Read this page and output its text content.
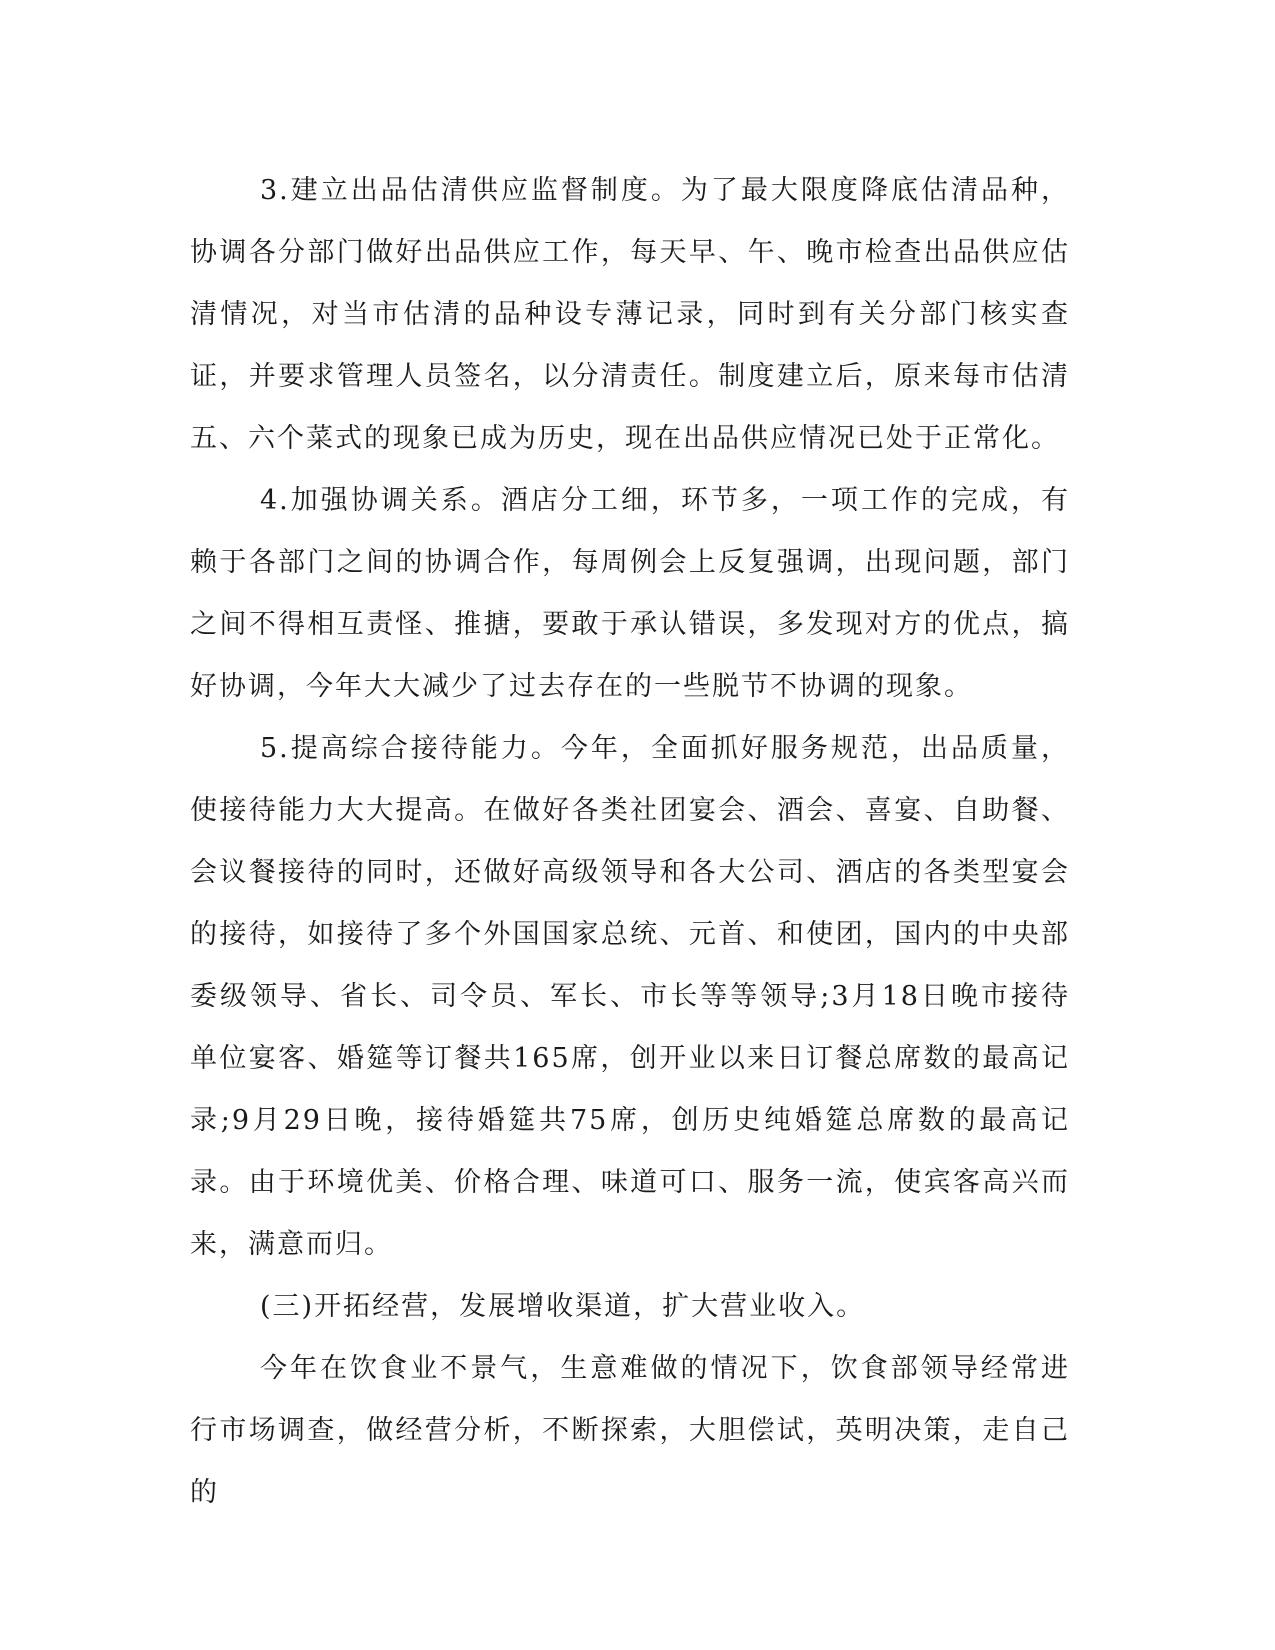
3.建立出品估清供应监督制度。为了最大限度降底估清品种，协调各分部门做好出品供应工作，每天早、午、晚市检查出品供应估清情况，对当市估清的品种设专薄记录，同时到有关分部门核实查证，并要求管理人员签名，以分清责任。制度建立后，原来每市估清五、六个菜式的现象已成为历史，现在出品供应情况已处于正常化。

4.加强协调关系。酒店分工细，环节多，一项工作的完成，有赖于各部门之间的协调合作，每周例会上反复强调，出现问题，部门之间不得相互责怪、推搪，要敢于承认错误，多发现对方的优点，搞好协调，今年大大减少了过去存在的一些脱节不协调的现象。

5.提高综合接待能力。今年，全面抓好服务规范，出品质量，使接待能力大大提高。在做好各类社团宴会、酒会、喜宴、自助餐、会议餐接待的同时，还做好高级领导和各大公司、酒店的各类型宴会的接待，如接待了多个外国国家总统、元首、和使团，国内的中央部委级领导、省长、司令员、军长、市长等等领导;3月18日晚市接待单位宴客、婚筵等订餐共165席，创开业以来日订餐总席数的最高记录;9月29日晚，接待婚筵共75席，创历史纯婚筵总席数的最高记录。由于环境优美、价格合理、味道可口、服务一流，使宾客高兴而来，满意而归。

(三)开拓经营，发展增收渠道，扩大营业收入。

今年在饮食业不景气，生意难做的情况下，饮食部领导经常进行市场调查，做经营分析，不断探索，大胆偿试，英明决策，走自己的
